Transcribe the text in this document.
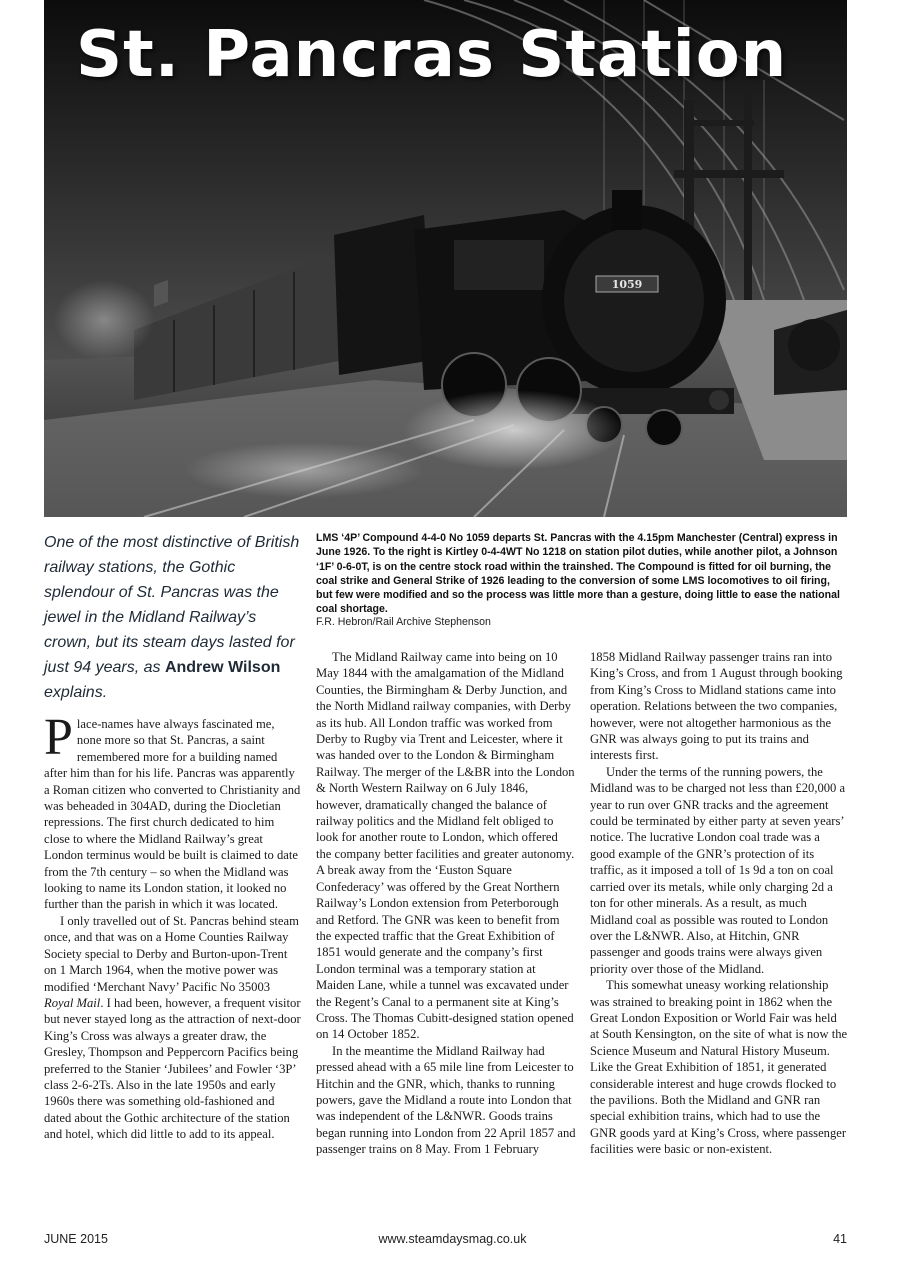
1059
St. Pancras Station
One of the most distinctive of British railway stations, the Gothic splendour of St. Pancras was the jewel in the Midland Railway’s crown, but its steam days lasted for just 94 years, as Andrew Wilson explains.

LMS ‘4P’ Compound 4-4-0 No 1059 departs St. Pancras with the 4.15pm Manchester (Central) express in June 1926. To the right is Kirtley 0-4-4WT No 1218 on station pilot duties, while another pilot, a Johnson ‘1F’ 0-6-0T, is on the centre stock road within the trainshed. The Compound is fitted for oil burning, the coal strike and General Strike of 1926 leading to the conversion of some LMS locomotives to oil firing, but few were modified and so the process was little more than a gesture, doing little to ease the national coal shortage.

F.R. Hebron/Rail Archive Stephenson

Place-names have always fascinated me, none more so that St. Pancras, a saint remembered more for a building named after him than for his life. Pancras was apparently a Roman citizen who converted to Christianity and was beheaded in 304AD, during the Diocletian repressions. The first church dedicated to him close to where the Midland Railway’s great London terminus would be built is claimed to date from the 7th century – so when the Midland was looking to name its London station, it looked no further than the parish in which it was located.

I only travelled out of St. Pancras behind steam once, and that was on a Home Counties Railway Society special to Derby and Burton-upon-Trent on 1 March 1964, when the motive power was modified ‘Merchant Navy’ Pacific No 35003 Royal Mail. I had been, however, a frequent visitor but never stayed long as the attraction of next-door King’s Cross was always a greater draw, the Gresley, Thompson and Peppercorn Pacifics being preferred to the Stanier ‘Jubilees’ and Fowler ‘3P’ class 2-6-2Ts. Also in the late 1950s and early 1960s there was something old-fashioned and dated about the Gothic architecture of the station and hotel, which did little to add to its appeal.

The Midland Railway came into being on 10 May 1844 with the amalgamation of the Midland Counties, the Birmingham & Derby Junction, and the North Midland railway companies, with Derby as its hub. All London traffic was worked from Derby to Rugby via Trent and Leicester, where it was handed over to the London & Birmingham Railway. The merger of the L&BR into the London & North Western Railway on 6 July 1846, however, dramatically changed the balance of railway politics and the Midland felt obliged to look for another route to London, which offered the company better facilities and greater autonomy. A break away from the ‘Euston Square Confederacy’ was offered by the Great Northern Railway’s London extension from Peterborough and Retford. The GNR was keen to benefit from the expected traffic that the Great Exhibition of 1851 would generate and the company’s first London terminal was a temporary station at Maiden Lane, while a tunnel was excavated under the Regent’s Canal to a permanent site at King’s Cross. The Thomas Cubitt-designed station opened on 14 October 1852.

In the meantime the Midland Railway had pressed ahead with a 65 mile line from Leicester to Hitchin and the GNR, which, thanks to running powers, gave the Midland a route into London that was independent of the L&NWR. Goods trains began running into London from 22 April 1857 and passenger trains on 8 May. From 1 February

1858 Midland Railway passenger trains ran into King’s Cross, and from 1 August through booking from King’s Cross to Midland stations came into operation. Relations between the two companies, however, were not altogether harmonious as the GNR was always going to put its trains and interests first.

Under the terms of the running powers, the Midland was to be charged not less than £20,000 a year to run over GNR tracks and the agreement could be terminated by either party at seven years’ notice. The lucrative London coal trade was a good example of the GNR’s protection of its traffic, as it imposed a toll of 1s 9d a ton on coal carried over its metals, while only charging 2d a ton for other minerals. As a result, as much Midland coal as possible was routed to London over the L&NWR. Also, at Hitchin, GNR passenger and goods trains were always given priority over those of the Midland.

This somewhat uneasy working relationship was strained to breaking point in 1862 when the Great London Exposition or World Fair was held at South Kensington, on the site of what is now the Science Museum and Natural History Museum. Like the Great Exhibition of 1851, it generated considerable interest and huge crowds flocked to the pavilions. Both the Midland and GNR ran special exhibition trains, which had to use the GNR goods yard at King’s Cross, where passenger facilities were basic or non-existent.

JUNE 2015	www.steamdaysmag.co.uk	41
